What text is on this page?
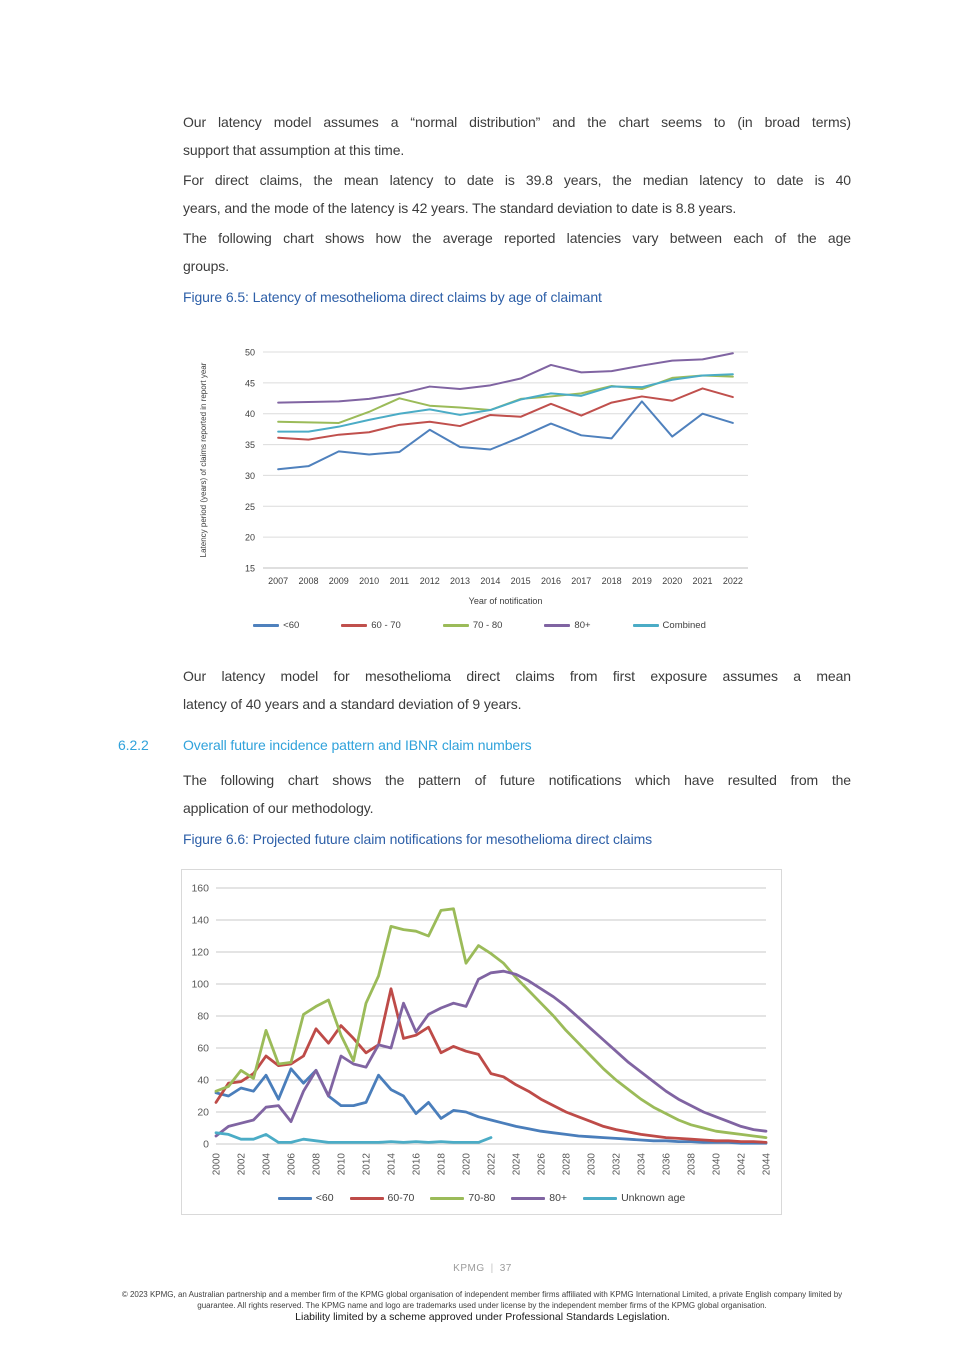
Our latency model assumes a “normal distribution” and the chart seems to (in broad terms)
support that assumption at this time.

For direct claims, the mean latency to date is 39.8 years, the median latency to date is 40
years, and the mode of the latency is 42 years. The standard deviation to date is 8.8 years.

The following chart shows how the average reported latencies vary between each of the age
groups.

Figure 6.5: Latency of mesothelioma direct claims by age of claimant
15
20
25
30
35
40
45
50
2007 2008 2009 2010 2011 2012 2013 2014 2015 2016 2017 2018 2019 2020 2021 2022
Year of notification
Latency period (years) of claims reported in report year
<60	60 - 70	70 - 80	80+	Combined

Our latency model for mesothelioma direct claims from first exposure assumes a mean
latency of 40 years and a standard deviation of 9 years.

6.2.2 Overall future incidence pattern and IBNR claim numbers

The following chart shows the pattern of future notifications which have resulted from the
application of our methodology.

Figure 6.6: Projected future claim notifications for mesothelioma direct claims
0
20
40
60
80
100
120
140
160
2000 2002 2004 2006 2008 2010 2012 2014 2016 2018 2020 2022 2024 2026 2028 2030 2032 2034 2036 2038 2040 2042 2044
<60	60-70	70-80	80+	Unknown age
KPMG | 37

© 2023 KPMG, an Australian partnership and a member firm of the KPMG global organisation of independent member firms affiliated with KPMG International Limited, a private English company limited by guarantee. All rights reserved. The KPMG name and logo are trademarks used under license by the independent member firms of the KPMG global organisation.

Liability limited by a scheme approved under Professional Standards Legislation.
